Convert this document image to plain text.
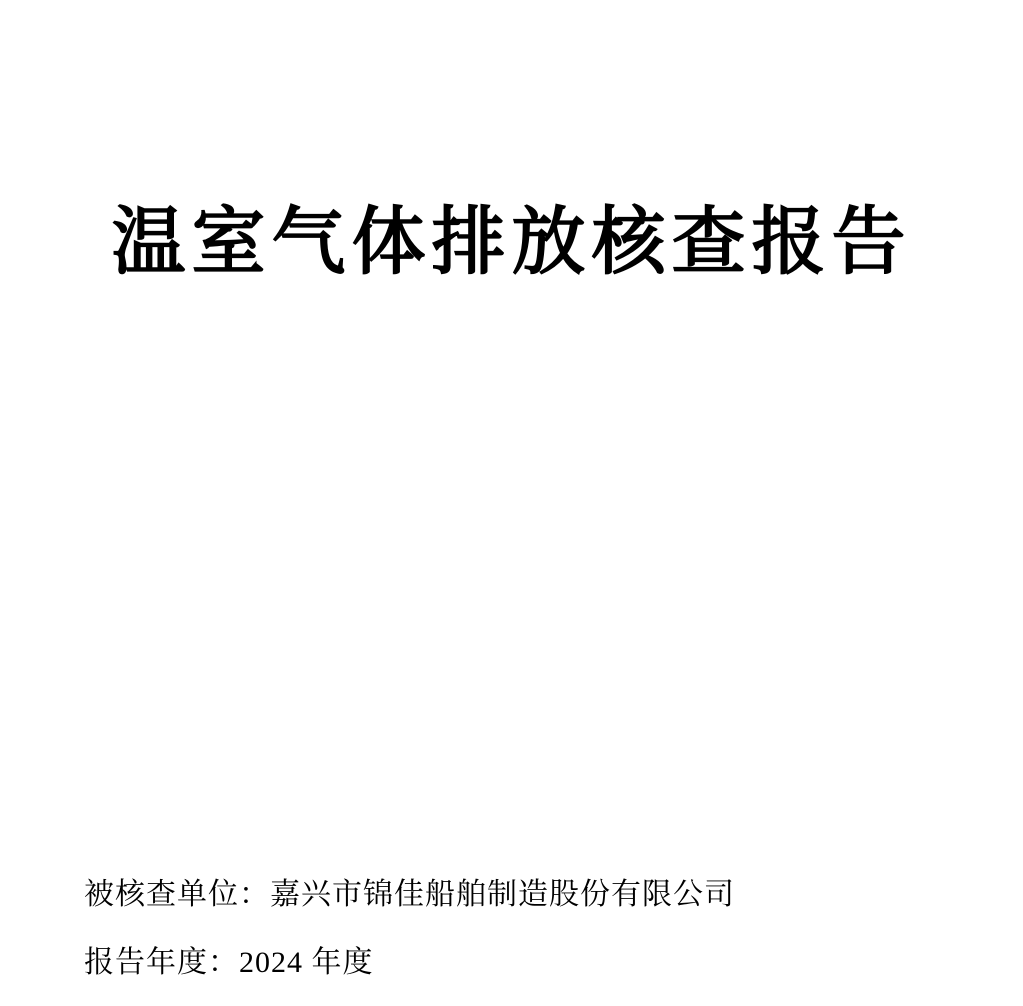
温室气体排放核查报告
被核查单位：嘉兴市锦佳船舶制造股份有限公司
报告年度：2024 年度
